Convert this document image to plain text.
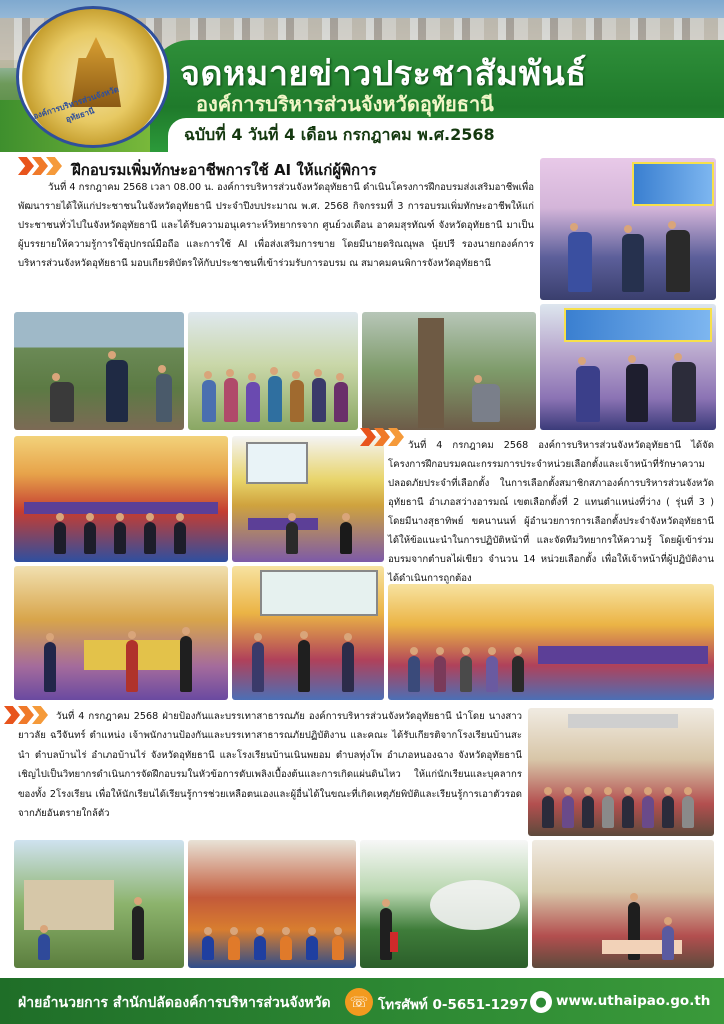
องค์การบริหารส่วนจังหวัดอุทัยธานี
จดหมายข่าวประชาสัมพันธ์
องค์การบริหารส่วนจังหวัดอุทัยธานี
ฉบับที่ 4 วันที่ 4 เดือน กรกฎาคม พ.ศ.2568
ฝึกอบรมเพิ่มทักษะอาชีพการใช้ AI ให้แก่ผู้พิการ
วันที่ 4 กรกฎาคม 2568 เวลา 08.00 น. องค์การบริหารส่วนจังหวัดอุทัยธานี ดำเนินโครงการฝึกอบรมส่งเสริมอาชีพเพื่อพัฒนารายได้ให้แก่ประชาชนในจังหวัดอุทัยธานี ประจำปีงบประมาณ พ.ศ. 2568 กิจกรรมที่ 3 การอบรมเพิ่มทักษะอาชีพให้แก่ประชาชนทั่วไปในจังหวัดอุทัยธานี และได้รับความอนุเคราะห์วิทยากรจาก ศูนย์วงเดือน อาคมสุรทัณฑ์ จังหวัดอุทัยธานี มาเป็นผู้บรรยายให้ความรู้การใช้อุปกรณ์มือถือ และการใช้ AI เพื่อส่งเสริมการขาย โดยมีนายดริณณุพล นุ้ยปรี รองนายกองค์การบริหารส่วนจังหวัดอุทัยธานี มอบเกียรติบัตรให้กับประชาชนที่เข้าร่วมรับการอบรม ณ สมาคมคนพิการจังหวัดอุทัยธานี
วันที่ 4 กรกฎาคม 2568 องค์การบริหารส่วนจังหวัดอุทัยธานี ได้จัดโครงการฝึกอบรมคณะกรรมการประจำหน่วยเลือกตั้งและเจ้าหน้าที่รักษาความปลอดภัยประจำที่เลือกตั้ง ในการเลือกตั้งสมาชิกสภาองค์การบริหารส่วนจังหวัดอุทัยธานี อำเภอสว่างอารมณ์ เขตเลือกตั้งที่ 2 แทนตำแหน่งที่ว่าง ( รุ่นที่ 3 ) โดยมีนางสุธาทิพย์ ขคนานนท์ ผู้อำนวยการการเลือกตั้งประจำจังหวัดอุทัยธานี ได้ให้ข้อแนะนำในการปฏิบัติหน้าที่ และจัดทีมวิทยากรให้ความรู้ โดยผู้เข้าร่วมอบรมจากตำบลไผ่เขียว จำนวน 14 หน่วยเลือกตั้ง เพื่อให้เจ้าหน้าที่ผู้ปฏิบัติงานได้ดำเนินการถูกต้อง
วันที่ 4 กรกฎาคม 2568 ฝ่ายป้องกันและบรรเทาสาธารณภัย องค์การบริหารส่วนจังหวัดอุทัยธานี นำโดย นางสาวยาวลัย ฉวีจันทร์ ตำแหน่ง เจ้าพนักงานป้องกันและบรรเทาสาธารณภัยปฏิบัติงาน และคณะ ได้รับเกียรติจากโรงเรียนบ้านสะนำ ตำบลบ้านไร่ อำเภอบ้านไร่ จังหวัดอุทัยธานี และโรงเรียนบ้านเนินพยอม ตำบลทุ่งโพ อำเภอหนองฉาง จังหวัดอุทัยธานี เชิญไปเป็นวิทยากรดำเนินการจัดฝึกอบรมในหัวข้อการดับเพลิงเบื้องต้นและการเกิดแผ่นดินไหว ให้แก่นักเรียนและบุคลากรของทั้ง 2โรงเรียน เพื่อให้นักเรียนได้เรียนรู้การช่วยเหลือตนเองและผู้อื่นได้ในขณะที่เกิดเหตุภัยพิบัติและเรียนรู้การเอาตัวรอดจากภัยอันตรายใกล้ตัว
ฝ่ายอำนวยการ สำนักปลัดองค์การบริหารส่วนจังหวัด	☏ โทรศัพท์ 0-5651-1297 ● www.uthaipao.go.th
